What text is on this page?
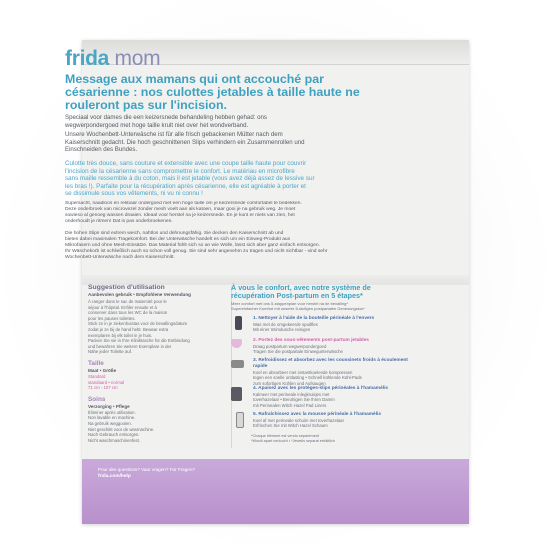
frida mom
Message aux mamans qui ont accouché par
césarienne : nos culottes jetables à taille haute ne
rouleront pas sur l'incision.
Speciaal voor dames die een keizersnede behandeling hebben gehad: ons
wegwerpondergoed met hoge taille krult niet over het wondverband.
Unsere Wochenbett-Unterwäsche ist für alle frisch gebackenen Mütter nach dem
Kaiserschnitt gedacht. Die hoch geschnittenen Slips verhindern ein Zusammenrollen und
Einschneiden des Bundes.
Culotte très douce, sans couture et extensible avec une coupe taille haute pour couvrir
l'incision de la césarienne sans compromettre le confort. Le matériau en microfibre
sans maille ressemble à du coton, mais il est jetable (vous avez déjà assez de lessive sur
les bras !). Parfaite pour la récupération après césarienne, elle est agréable à porter et
se dissimule sous vos vêtements, ni vu ni connu !
Supersacht, naadloos en rekbaar ondergoed met een hoge taille om je keizersnede comfortabel te bedekken.
Deze onderbroek van microvezel zonder mesh voelt aan als katoen, maar gooi je na gebruik weg. Je moet
sowieso al genoeg wassen draaien. Ideaal voor herstel na je keizersnede. En je kunt er niets van zien, het
onderhoudt je ritmen! Dat is pas onderbroekenen.

Die hohen Slips sind extrem weich, nahtlos und dehnungsfähig. Sie decken den Kaiserschnitt ab und
bieten dabei maximalen Tragekomfort. Bei der Unterwäsche handelt es sich um ein Einweg-Produkt aus
Mikrofasern und ohne Mesh-Einsätze. Das Material fühlt sich so an wie Wolle, lässt sich aber ganz einfach entsorgen.
Ihr Wäschekorb ist schließlich auch so schon voll genug. Sie sind sehr angenehm zu tragen und nicht sichtbar - sind sehr
Wochenbett-Unterwäsche nach dem Kaiserschnitt.
Suggestion d'utilisation
Aanbevolen gebruik • Empfohlene Verwendung
À ranger dans le sac de maternité pour le
séjour à l'hôpital. Enfiler ensuite et à
conserver dans tous les WC de la maison
pour les pauses toilettes.
Stick ze in je ziekenhuistas voor de bevallingsdatum
zodat je ze bij de hand hebt. Bewaar extra
exemplaren bij elk toilet in je huis.
Packen Sie sie in Ihre Kliniktasche für die Entbindung
und bewahren Sie weitere Exemplare in der
Nähe jeder Toilette auf.
Taille
Maat • Größe
Standard
standaard • normal
71 cm - 107 cm
Soins
Verzorging • Pflege
Éliminer après utilisation.
Non lavable en machine.
Na gebruik weggooien.
Niet geschikt voor de wasmachine.
Nach Gebrauch entsorgen.
Nicht waschmaschinenfest.
À vous le confort, avec notre système de
récupération Post-partum en 5 étapes*
Meer comfort met ons 5-stappenplan voor herstel na de bevalling*
Supereinfacher Komfort mit unserer 5-stufigen postpartalen Genesungskur*
1. Nettoyer à l'aide de la bouteille périnéale à l'envers
Was met de omgekeerde spuitfles
Mit einer Intimdusche reinigen
2. Portez des sous-vêtements post-partum jetables
Draag postpartum wegwerpondergoed
Tragen Sie die postpartale Einwegunterwäsche
3. Refroidissez et absorbez avec les coussinets froids à écoulement rapide
Koel en absorbeer met instantkoelende kompressen
tegen een snelle ontlasting • Schnell kühlende Kühl-Pads
zum sofortigen Kühlen und Aufsaugen
4. Apaisez avec les protèges-slips périnéales à l'hamamélis
Kalmeer met perineale inlegkruisjes met
toverhazelaar • Beruhigen Sie Ihren Damm
mit Perinealen Witch Hazel Pad Liners
5. Rafraîchissez avec la mousse périnéale à l'hamamélis
Koel af met perineale schuim met toverhazelaar
Erfrischen Sie mit Witch Hazel Schaum
*Chaque élément est vendu séparément
*Wordt apart verkocht • *Jeweils separat erhältlich
Pour des questions? Vaar vragen? Für Fragen?
frida.com/help
